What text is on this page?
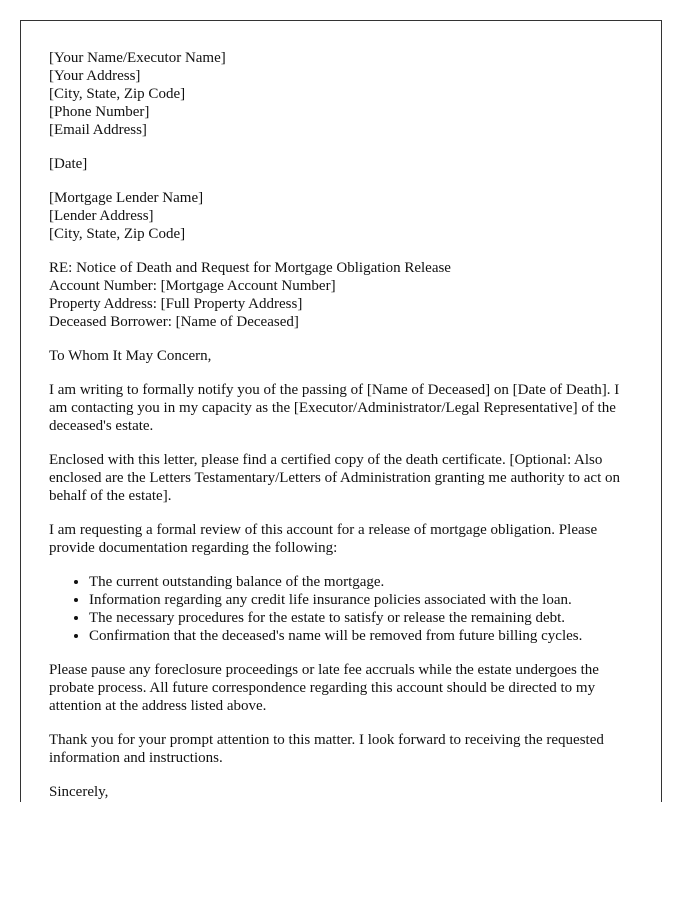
[Your Name/Executor Name]
[Your Address]
[City, State, Zip Code]
[Phone Number]
[Email Address]

[Date]

[Mortgage Lender Name]
[Lender Address]
[City, State, Zip Code]

RE: Notice of Death and Request for Mortgage Obligation Release
Account Number: [Mortgage Account Number]
Property Address: [Full Property Address]
Deceased Borrower: [Name of Deceased]

To Whom It May Concern,

I am writing to formally notify you of the passing of [Name of Deceased] on [Date of Death]. I am contacting you in my capacity as the [Executor/Administrator/Legal Representative] of the deceased's estate.

Enclosed with this letter, please find a certified copy of the death certificate. [Optional: Also enclosed are the Letters Testamentary/Letters of Administration granting me authority to act on behalf of the estate].

I am requesting a formal review of this account for a release of mortgage obligation. Please provide documentation regarding the following:

• The current outstanding balance of the mortgage.
• Information regarding any credit life insurance policies associated with the loan.
• The necessary procedures for the estate to satisfy or release the remaining debt.
• Confirmation that the deceased's name will be removed from future billing cycles.

Please pause any foreclosure proceedings or late fee accruals while the estate undergoes the probate process. All future correspondence regarding this account should be directed to my attention at the address listed above.

Thank you for your prompt attention to this matter. I look forward to receiving the requested information and instructions.

Sincerely,
